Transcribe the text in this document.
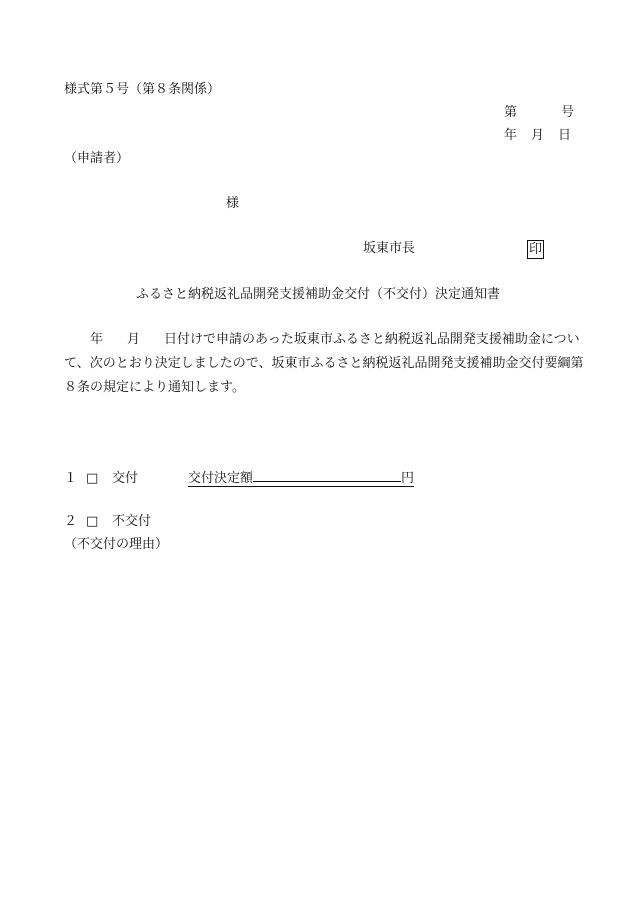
様式第５号（第８条関係）
第	号
年 月 日
（申請者）
様
坂東市長	印
ふるさと納税返礼品開発支援補助金交付（不交付）決定通知書
年 月 日付けで申請のあった坂東市ふるさと納税返礼品開発支援補助金につい
て、次のとおり決定しましたので、坂東市ふるさと納税返礼品開発支援補助金交付要綱第
８条の規定により通知します。
１ □ 交付	交付決定額	円
２ □ 不交付
（不交付の理由）
